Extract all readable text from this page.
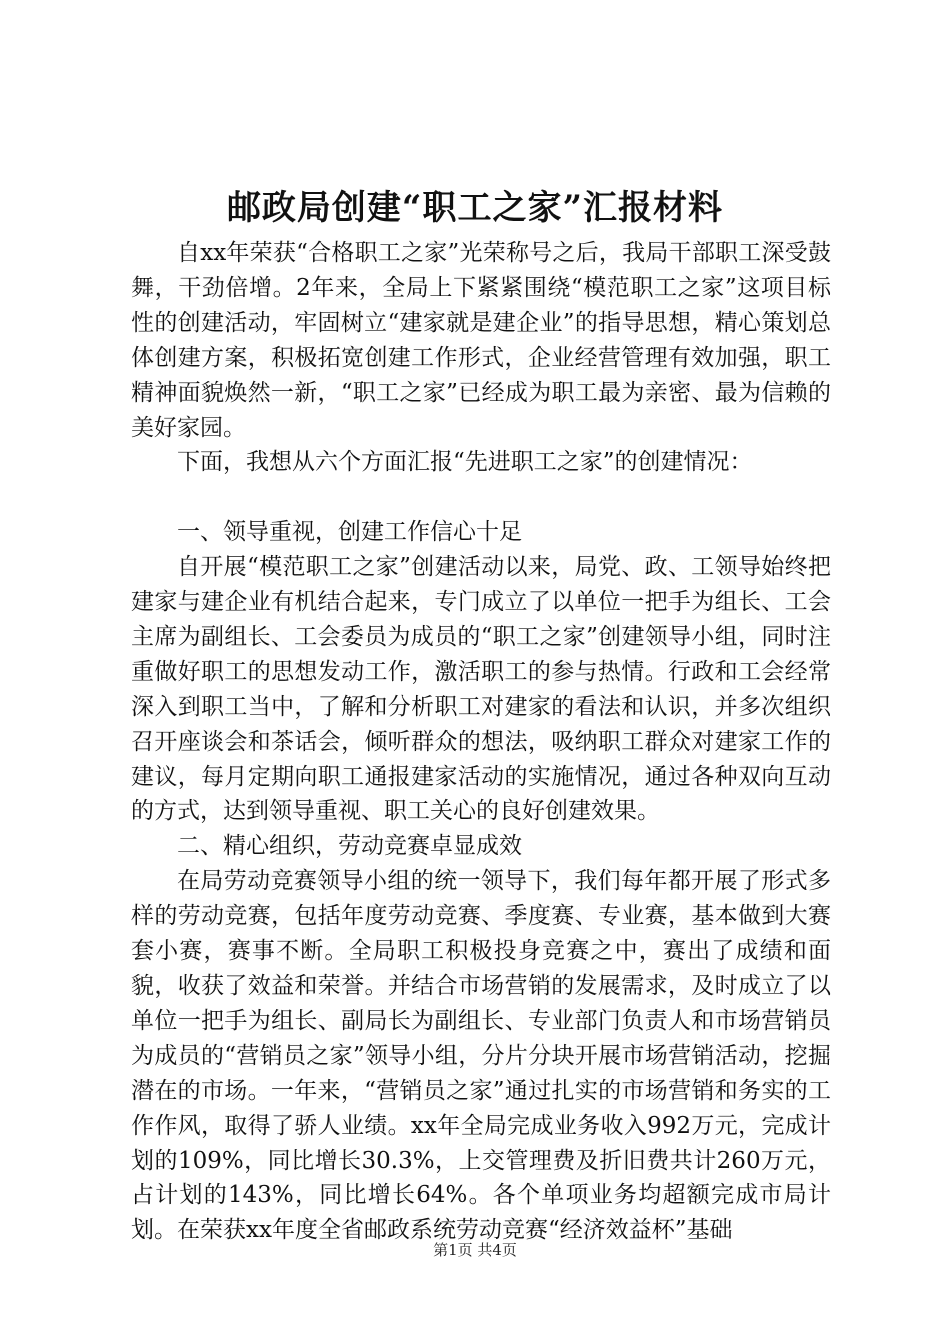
邮政局创建“职工之家”汇报材料

自xx年荣获“合格职工之家”光荣称号之后，我局干部职工深受鼓舞，干劲倍增。2年来，全局上下紧紧围绕“模范职工之家”这项目标性的创建活动，牢固树立“建家就是建企业”的指导思想，精心策划总体创建方案，积极拓宽创建工作形式，企业经营管理有效加强，职工精神面貌焕然一新，“职工之家”已经成为职工最为亲密、最为信赖的美好家园。

下面，我想从六个方面汇报“先进职工之家”的创建情况：

一、领导重视，创建工作信心十足

自开展“模范职工之家”创建活动以来，局党、政、工领导始终把建家与建企业有机结合起来，专门成立了以单位一把手为组长、工会主席为副组长、工会委员为成员的“职工之家”创建领导小组，同时注重做好职工的思想发动工作，激活职工的参与热情。行政和工会经常深入到职工当中，了解和分析职工对建家的看法和认识，并多次组织召开座谈会和茶话会，倾听群众的想法，吸纳职工群众对建家工作的建议，每月定期向职工通报建家活动的实施情况，通过各种双向互动的方式，达到领导重视、职工关心的良好创建效果。

二、精心组织，劳动竞赛卓显成效

在局劳动竞赛领导小组的统一领导下，我们每年都开展了形式多样的劳动竞赛，包括年度劳动竞赛、季度赛、专业赛，基本做到大赛套小赛，赛事不断。全局职工积极投身竞赛之中，赛出了成绩和面貌，收获了效益和荣誉。并结合市场营销的发展需求，及时成立了以单位一把手为组长、副局长为副组长、专业部门负责人和市场营销员为成员的“营销员之家”领导小组，分片分块开展市场营销活动，挖掘潜在的市场。一年来，“营销员之家”通过扎实的市场营销和务实的工作作风，取得了骄人业绩。xx年全局完成业务收入992万元，完成计划的109%，同比增长30.3%，上交管理费及折旧费共计260万元，占计划的143%，同比增长64%。各个单项业务均超额完成市局计划。在荣获xx年度全省邮政系统劳动竞赛“经济效益杯”基础

第1页 共4页
